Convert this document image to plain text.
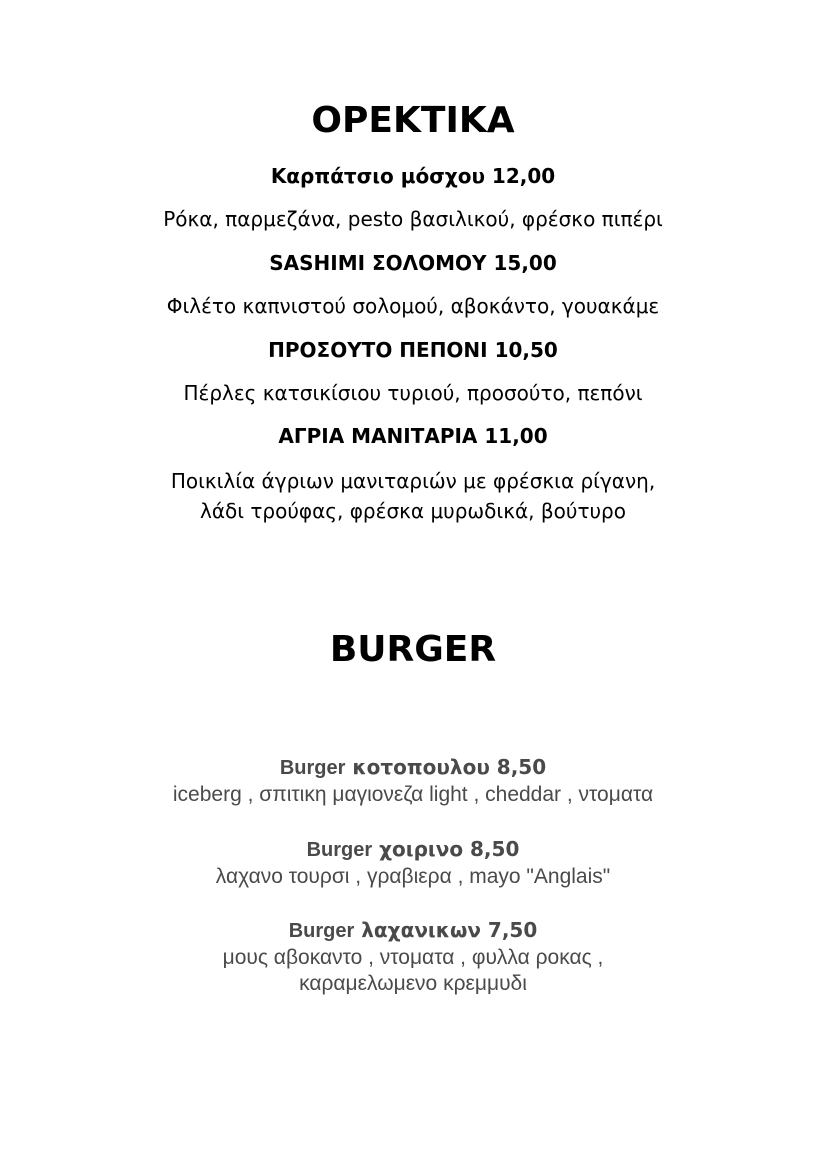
ΟΡΕΚΤΙΚΑ
Καρπάτσιο μόσχου 12,00
Ρόκα, παρμεζάνα, pesto βασιλικού, φρέσκο πιπέρι
SASHIMI ΣΟΛΟΜΟΥ 15,00
Φιλέτο καπνιστού σολομού, αβοκάντο, γουακάμε
ΠΡΟΣΟΥΤΟ ΠΕΠΟΝΙ 10,50
Πέρλες κατσικίσιου τυριού, προσούτο, πεπόνι
ΑΓΡΙΑ ΜΑΝΙΤΑΡΙΑ 11,00
Ποικιλία άγριων μανιταριών με φρέσκια ρίγανη,
λάδι τρούφας, φρέσκα μυρωδικά, βούτυρο
BURGER
Burger κοτοπουλου 8,50
iceberg , σπιτικη μαγιονεζα light , cheddar , ντοματα
Burger χοιρινο 8,50
λαχανο τουρσι , γραβιερα , mayo "Anglais"
Burger λαχανικων 7,50
μους αβοκαντο , ντοματα , φυλλα ροκας ,
καραμελωμενο κρεμμυδι
